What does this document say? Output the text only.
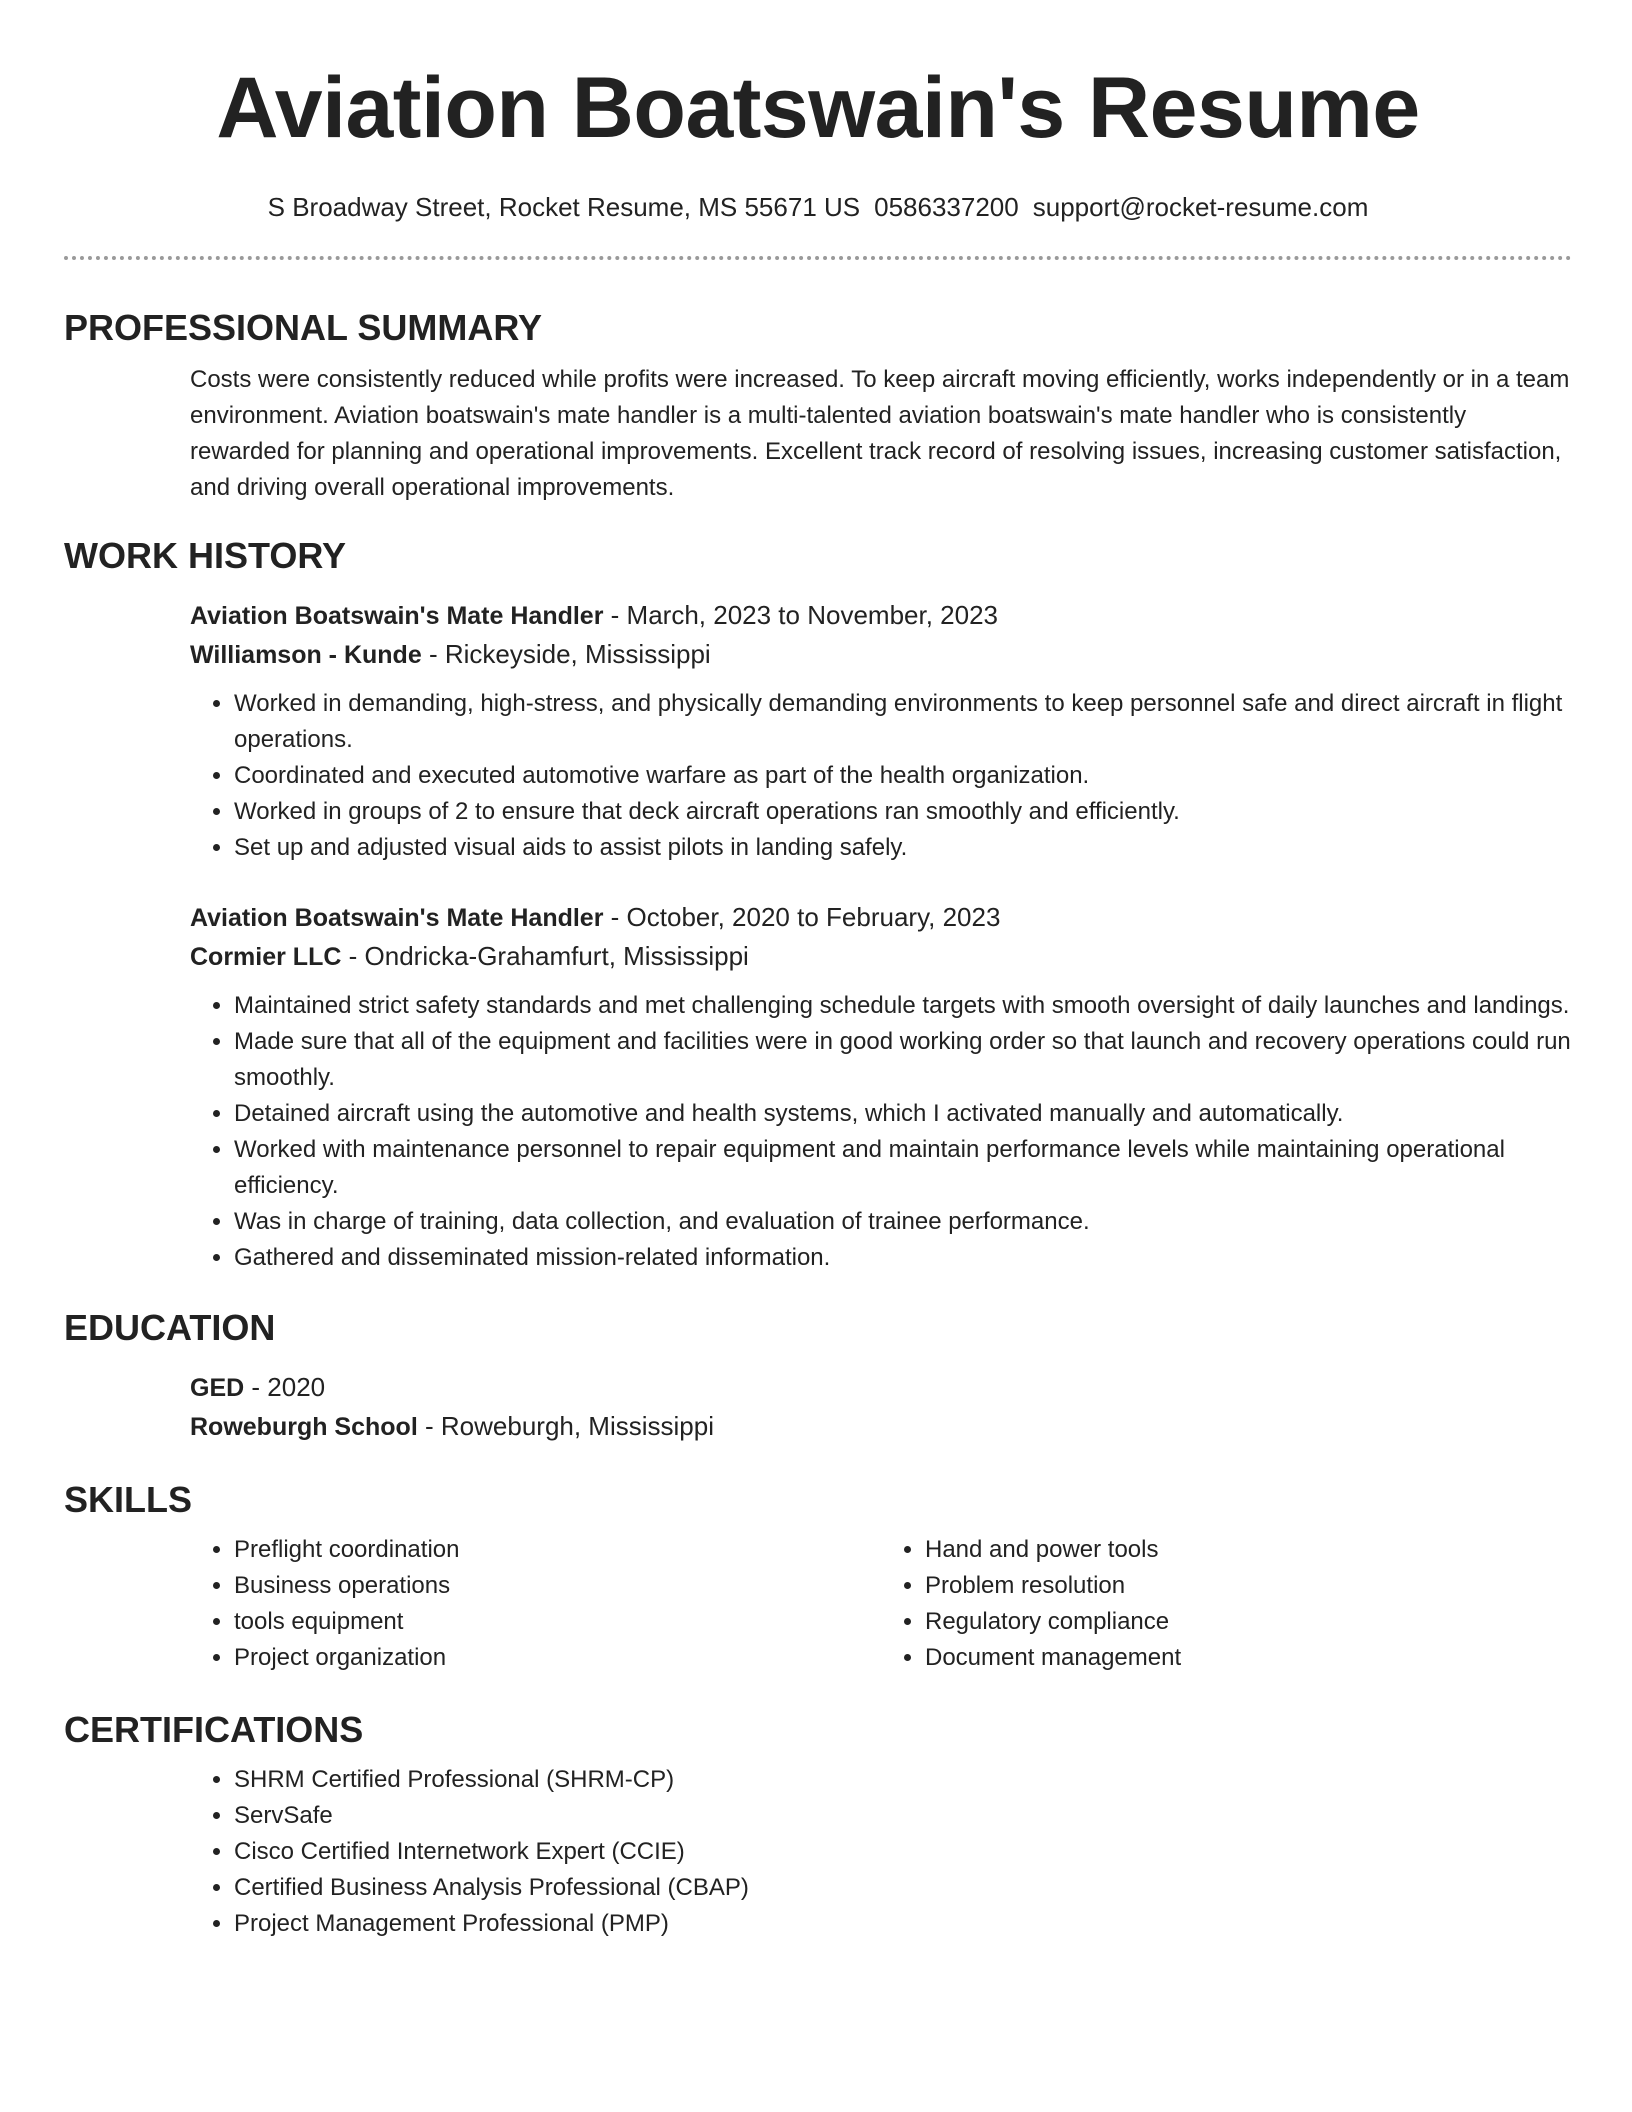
Aviation Boatswain's Resume
S Broadway Street, Rocket Resume, MS 55671 US 0586337200 support@rocket-resume.com
PROFESSIONAL SUMMARY

Costs were consistently reduced while profits were increased. To keep aircraft moving efficiently, works independently or in a team environment. Aviation boatswain's mate handler is a multi-talented aviation boatswain's mate handler who is consistently rewarded for planning and operational improvements. Excellent track record of resolving issues, increasing customer satisfaction, and driving overall operational improvements.

WORK HISTORY
Aviation Boatswain's Mate Handler - March, 2023 to November, 2023
Williamson - Kunde - Rickeyside, Mississippi
• Worked in demanding, high-stress, and physically demanding environments to keep personnel safe and direct aircraft in flight operations.
• Coordinated and executed automotive warfare as part of the health organization.
• Worked in groups of 2 to ensure that deck aircraft operations ran smoothly and efficiently.
• Set up and adjusted visual aids to assist pilots in landing safely.
Aviation Boatswain's Mate Handler - October, 2020 to February, 2023
Cormier LLC - Ondricka-Grahamfurt, Mississippi
• Maintained strict safety standards and met challenging schedule targets with smooth oversight of daily launches and landings.
• Made sure that all of the equipment and facilities were in good working order so that launch and recovery operations could run smoothly.
• Detained aircraft using the automotive and health systems, which I activated manually and automatically.
• Worked with maintenance personnel to repair equipment and maintain performance levels while maintaining operational efficiency.
• Was in charge of training, data collection, and evaluation of trainee performance.
• Gathered and disseminated mission-related information.
EDUCATION
GED - 2020
Roweburgh School - Roweburgh, Mississippi
SKILLS
• Preflight coordination
• Business operations
• tools equipment
• Project organization
• Hand and power tools
• Problem resolution
• Regulatory compliance
• Document management
CERTIFICATIONS
• SHRM Certified Professional (SHRM-CP)
• ServSafe
• Cisco Certified Internetwork Expert (CCIE)
• Certified Business Analysis Professional (CBAP)
• Project Management Professional (PMP)
